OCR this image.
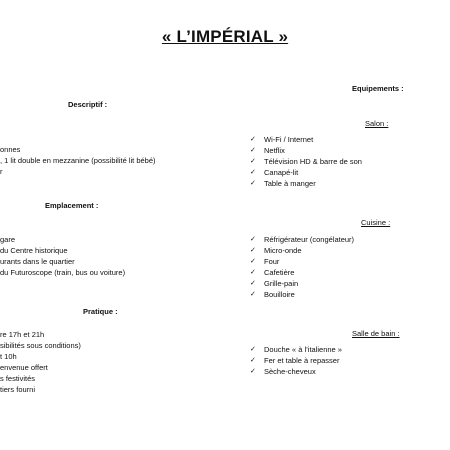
« L’IMPÉRIAL »
Descriptif :
onnes
, 1 lit double en mezzanine (possibilité lit bébé)
r
Emplacement :
gare
du Centre historique
urants dans le quartier
du Futuroscope (train, bus ou voiture)
Pratique :
re 17h et 21h
sibilités sous conditions)
t 10h
envenue offert
s festivités
tiers fourni
Equipements :
Salon :
✓	Wi-Fi / Internet
✓	Netflix
✓	Télévision HD & barre de son
✓	Canapé-lit
✓	Table à manger
Cuisine :
✓	Réfrigérateur (congélateur)
✓	Micro-onde
✓	Four
✓	Cafetière
✓	Grille-pain
✓	Bouilloire
Salle de bain :
✓	Douche « à l’italienne »
✓	Fer et table à repasser
✓	Sèche-cheveux
